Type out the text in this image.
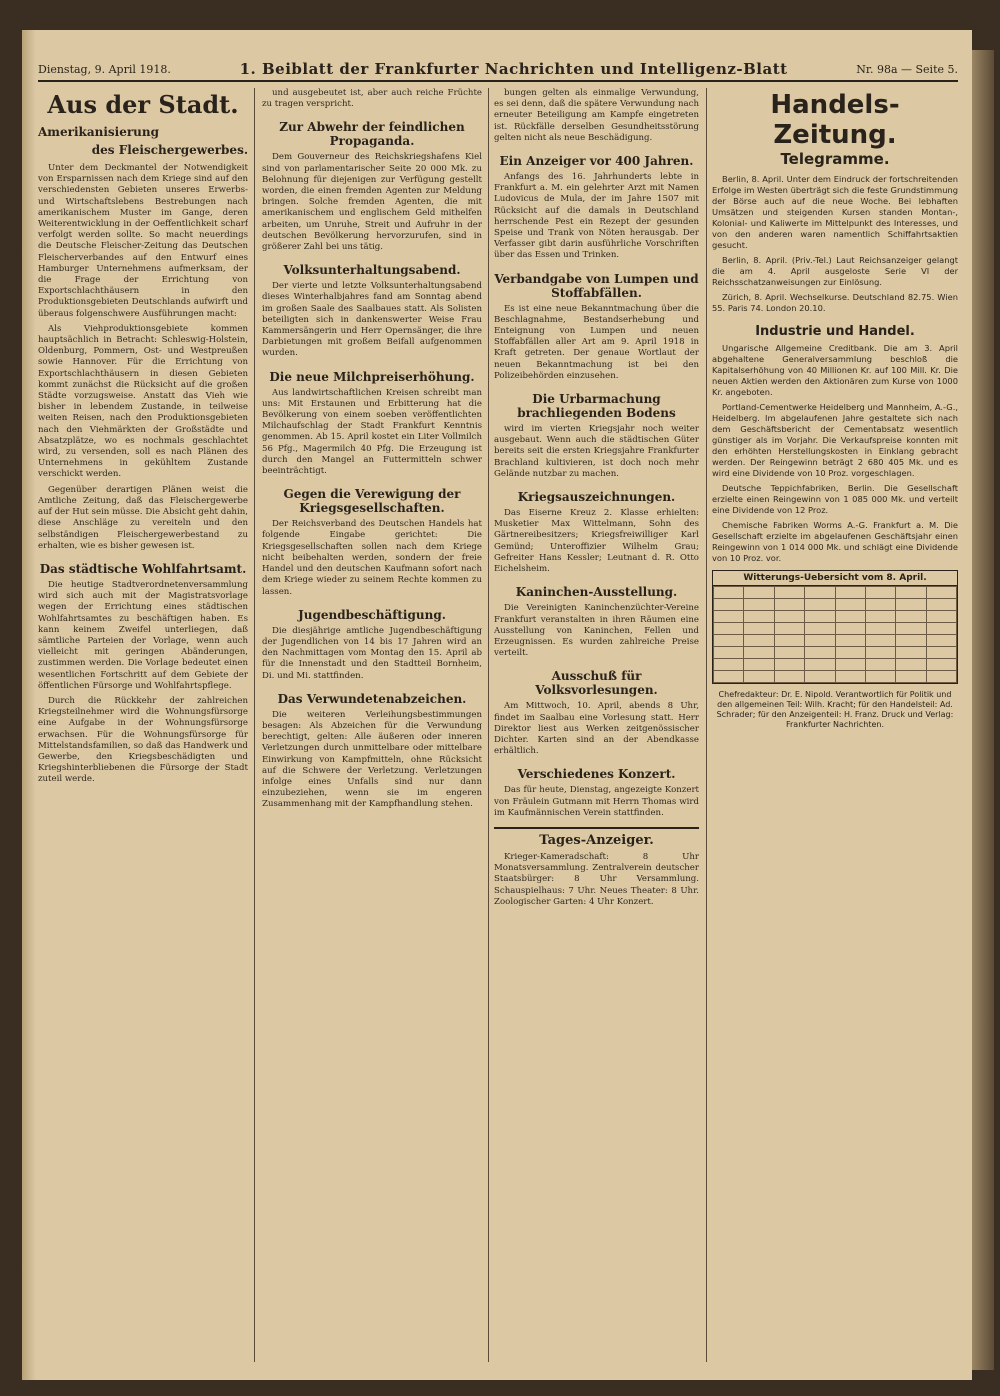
Dienstag, 9. April 1918.	1. Beiblatt der Frankfurter Nachrichten und Intelligenz-Blatt	Nr. 98a — Seite 5.
Aus der Stadt.
Amerikanisierung
des Fleischergewerbes.

Unter dem Deckmantel der Notwendigkeit von Ersparnissen nach dem Kriege sind auf den verschiedensten Gebieten unseres Erwerbs- und Wirtschaftslebens Bestrebungen nach amerikanischem Muster im Gange, deren Weiterentwicklung in der Oeffentlichkeit scharf verfolgt werden sollte. So macht neuerdings die Deutsche Fleischer-Zeitung das Deutschen Fleischerverbandes auf den Entwurf eines Hamburger Unternehmens aufmerksam, der die Frage der Errichtung von Exportschlachthäusern in den Produktionsgebieten Deutschlands aufwirft und überaus folgenschwere Ausführungen macht:

Als Viehproduktionsgebiete kommen hauptsächlich in Betracht: Schleswig-Holstein, Oldenburg, Pommern, Ost- und Westpreußen sowie Hannover. Für die Errichtung von Exportschlachthäusern in diesen Gebieten kommt zunächst die Rücksicht auf die großen Städte vorzugsweise. Anstatt das Vieh wie bisher in lebendem Zustande, in teilweise weiten Reisen, nach den Produktionsgebieten nach den Viehmärkten der Großstädte und Absatzplätze, wo es nochmals geschlachtet wird, zu versenden, soll es nach Plänen des Unternehmens in gekühltem Zustande verschickt werden.

Gegenüber derartigen Plänen weist die Amtliche Zeitung, daß das Fleischergewerbe auf der Hut sein müsse. Die Absicht geht dahin, diese Anschläge zu vereiteln und den selbständigen Fleischergewerbestand zu erhalten, wie es bisher gewesen ist.

Das städtische Wohlfahrtsamt.

Die heutige Stadtverordnetenversammlung wird sich auch mit der Magistratsvorlage wegen der Errichtung eines städtischen Wohlfahrtsamtes zu beschäftigen haben. Es kann keinem Zweifel unterliegen, daß sämtliche Parteien der Vorlage, wenn auch vielleicht mit geringen Abänderungen, zustimmen werden. Die Vorlage bedeutet einen wesentlichen Fortschritt auf dem Gebiete der öffentlichen Fürsorge und Wohlfahrtspflege.

Durch die Rückkehr der zahlreichen Kriegsteilnehmer wird die Wohnungsfürsorge eine Aufgabe in der Wohnungsfürsorge erwachsen. Für die Wohnungsfürsorge für Mittelstandsfamilien, so daß das Handwerk und Gewerbe, den Kriegsbeschädigten und Kriegshinterbliebenen die Fürsorge der Stadt zuteil werde.

und ausgebeutet ist, aber auch reiche Früchte zu tragen verspricht.

Zur Abwehr der feindlichen Propaganda.

Dem Gouverneur des Reichskriegshafens Kiel sind von parlamentarischer Seite 20 000 Mk. zu Belohnung für diejenigen zur Verfügung gestellt worden, die einen fremden Agenten zur Meldung bringen. Solche fremden Agenten, die mit amerikanischem und englischem Geld mithelfen arbeiten, um Unruhe, Streit und Aufruhr in der deutschen Bevölkerung hervorzurufen, sind in größerer Zahl bei uns tätig.

Volksunterhaltungsabend.

Der vierte und letzte Volksunterhaltungsabend dieses Winterhalbjahres fand am Sonntag abend im großen Saale des Saalbaues statt. Als Solisten beteiligten sich in dankenswerter Weise Frau Kammersängerin und Herr Opernsänger, die ihre Darbietungen mit großem Beifall aufgenommen wurden.

Die neue Milchpreiserhöhung.

Aus landwirtschaftlichen Kreisen schreibt man uns: Mit Erstaunen und Erbitterung hat die Bevölkerung von einem soeben veröffentlichten Milchaufschlag der Stadt Frankfurt Kenntnis genommen. Ab 15. April kostet ein Liter Vollmilch 56 Pfg., Magermilch 40 Pfg. Die Erzeugung ist durch den Mangel an Futtermitteln schwer beeinträchtigt.

Gegen die Verewigung der Kriegsgesellschaften.

Der Reichsverband des Deutschen Handels hat folgende Eingabe gerichtet: Die Kriegsgesellschaften sollen nach dem Kriege nicht beibehalten werden, sondern der freie Handel und den deutschen Kaufmann sofort nach dem Kriege wieder zu seinem Rechte kommen zu lassen.

Jugendbeschäftigung.

Die diesjährige amtliche Jugendbeschäftigung der Jugendlichen von 14 bis 17 Jahren wird an den Nachmittagen vom Montag den 15. April ab für die Innenstadt und den Stadtteil Bornheim, Di. und Mi. stattfinden.

Das Verwundetenabzeichen.

Die weiteren Verleihungsbestimmungen besagen: Als Abzeichen für die Verwundung berechtigt, gelten: Alle äußeren oder inneren Verletzungen durch unmittelbare oder mittelbare Einwirkung von Kampfmitteln, ohne Rücksicht auf die Schwere der Verletzung. Verletzungen infolge eines Unfalls sind nur dann einzubeziehen, wenn sie im engeren Zusammenhang mit der Kampfhandlung stehen.

bungen gelten als einmalige Verwundung, es sei denn, daß die spätere Verwundung nach erneuter Beteiligung am Kampfe eingetreten ist. Rückfälle derselben Gesundheitsstörung gelten nicht als neue Beschädigung.

Ein Anzeiger vor 400 Jahren.

Anfangs des 16. Jahrhunderts lebte in Frankfurt a. M. ein gelehrter Arzt mit Namen Ludovicus de Mula, der im Jahre 1507 mit Rücksicht auf die damals in Deutschland herrschende Pest ein Rezept der gesunden Speise und Trank von Nöten herausgab. Der Verfasser gibt darin ausführliche Vorschriften über das Essen und Trinken.

Verbandgabe von Lumpen und Stoffabfällen.

Es ist eine neue Bekanntmachung über die Beschlagnahme, Bestandserhebung und Enteignung von Lumpen und neuen Stoffabfällen aller Art am 9. April 1918 in Kraft getreten. Der genaue Wortlaut der neuen Bekanntmachung ist bei den Polizeibehörden einzusehen.

Die Urbarmachung brachliegenden Bodens

wird im vierten Kriegsjahr noch weiter ausgebaut. Wenn auch die städtischen Güter bereits seit die ersten Kriegsjahre Frankfurter Brachland kultivieren, ist doch noch mehr Gelände nutzbar zu machen.

Kriegsauszeichnungen.

Das Eiserne Kreuz 2. Klasse erhielten: Musketier Max Wittelmann, Sohn des Gärtnereibesitzers; Kriegsfreiwilliger Karl Gemünd; Unteroffizier Wilhelm Grau; Gefreiter Hans Kessler; Leutnant d. R. Otto Eichelsheim.

Kaninchen-Ausstellung.

Die Vereinigten Kaninchenzüchter-Vereine Frankfurt veranstalten in ihren Räumen eine Ausstellung von Kaninchen, Fellen und Erzeugnissen. Es wurden zahlreiche Preise verteilt.

Ausschuß für Volksvorlesungen.

Am Mittwoch, 10. April, abends 8 Uhr, findet im Saalbau eine Vorlesung statt. Herr Direktor liest aus Werken zeitgenössischer Dichter. Karten sind an der Abendkasse erhältlich.

Verschiedenes Konzert.

Das für heute, Dienstag, angezeigte Konzert von Fräulein Gutmann mit Herrn Thomas wird im Kaufmännischen Verein stattfinden.

Tages-Anzeiger.

Krieger-Kameradschaft: 8 Uhr Monatsversammlung. Zentralverein deutscher Staatsbürger: 8 Uhr Versammlung. Schauspielhaus: 7 Uhr. Neues Theater: 8 Uhr. Zoologischer Garten: 4 Uhr Konzert.

Handels-Zeitung.
Telegramme.

Berlin, 8. April. Unter dem Eindruck der fortschreitenden Erfolge im Westen überträgt sich die feste Grundstimmung der Börse auch auf die neue Woche. Bei lebhaften Umsätzen und steigenden Kursen standen Montan-, Kolonial- und Kaliwerte im Mittelpunkt des Interesses, und von den anderen waren namentlich Schiffahrtsaktien gesucht.

Berlin, 8. April. (Priv.-Tel.) Laut Reichsanzeiger gelangt die am 4. April ausgeloste Serie VI der Reichsschatzanweisungen zur Einlösung.

Zürich, 8. April. Wechselkurse. Deutschland 82.75. Wien 55. Paris 74. London 20.10.

Industrie und Handel.

Ungarische Allgemeine Creditbank. Die am 3. April abgehaltene Generalversammlung beschloß die Kapitalserhöhung von 40 Millionen Kr. auf 100 Mill. Kr. Die neuen Aktien werden den Aktionären zum Kurse von 1000 Kr. angeboten.

Portland-Cementwerke Heidelberg und Mannheim, A.-G., Heidelberg. Im abgelaufenen Jahre gestaltete sich nach dem Geschäftsbericht der Cementabsatz wesentlich günstiger als im Vorjahr. Die Verkaufspreise konnten mit den erhöhten Herstellungskosten in Einklang gebracht werden. Der Reingewinn beträgt 2 680 405 Mk. und es wird eine Dividende von 10 Proz. vorgeschlagen.

Deutsche Teppichfabriken, Berlin. Die Gesellschaft erzielte einen Reingewinn von 1 085 000 Mk. und verteilt eine Dividende von 12 Proz.

Chemische Fabriken Worms A.-G. Frankfurt a. M. Die Gesellschaft erzielte im abgelaufenen Geschäftsjahr einen Reingewinn von 1 014 000 Mk. und schlägt eine Dividende von 10 Proz. vor.

Witterungs-Uebersicht vom 8. April.

Chefredakteur: Dr. E. Nipold. Verantwortlich für Politik und den allgemeinen Teil: Wilh. Kracht; für den Handelsteil: Ad. Schrader; für den Anzeigenteil: H. Franz. Druck und Verlag: Frankfurter Nachrichten.
